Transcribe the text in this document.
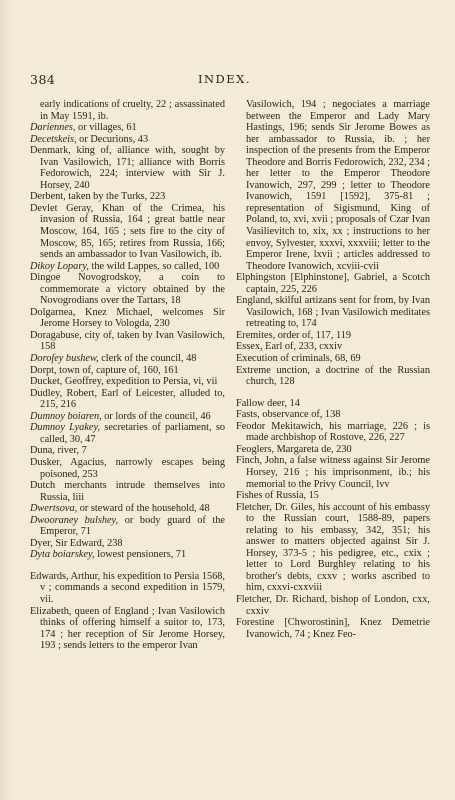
384	INDEX.
early indications of cruelty, 22 ; assassinated in May 1591, ib.
Dariennes, or villages, 61
Decetskeis, or Decurions, 43
Denmark, king of, alliance with, sought by Ivan Vasilowich, 171; alliance with Borris Fedorowich, 224; interview with Sir J. Horsey, 240
Derbent, taken by the Turks, 223
Devlet Geray, Khan of the Crimea, his invasion of Russia, 164 ; great battle near Moscow, 164, 165 ; sets fire to the city of Moscow, 85, 165; retires from Russia, 166; sends an ambassador to Ivan Vasilowich, ib.
Dikoy Lopary, the wild Lappes, so called, 100
Dingoe Novogrodskoy, a coin to commemorate a victory obtained by the Novogrodians over the Tartars, 18
Dolgarnea, Knez Michael, welcomes Sir Jerome Horsey to Vologda, 230
Doragabuse, city of, taken by Ivan Vasilowich, 158
Dorofey bushew, clerk of the council, 48
Dorpt, town of, capture of, 160, 161
Ducket, Geoffrey, expedition to Persia, vi, vii
Dudley, Robert, Earl of Leicester, alluded to, 215, 216
Dumnoy boiaren, or lords of the council, 46
Dumnoy Lyakey, secretaries of parliament, so called, 30, 47
Duna, river, 7
Dusker, Agacius, narrowly escapes being poisoned, 253
Dutch merchants intrude themselves into Russia, liii
Dwertsova, or steward of the household, 48
Dwooraney bulshey, or body guard of the Emperor, 71
Dyer, Sir Edward, 238
Dyta boiarskey, lowest pensioners, 71
Edwards, Arthur, his expedition to Persia 1568, v ; commands a second expedition in 1579, vii.
Elizabeth, queen of England ; Ivan Vasilowich thinks of offering himself a suitor to, 173, 174 ; her reception of Sir Jerome Horsey, 193 ; sends letters to the emperor Ivan
Vasilowich, 194 ; negociates a marriage between the Emperor and Lady Mary Hastings, 196; sends Sir Jerome Bowes as her ambassador to Russia, ib. ; her inspection of the presents from the Emperor Theodore and Borris Fedorowich, 232, 234 ; her letter to the Emperor Theodore Ivanowich, 297, 299 ; letter to Theodore Ivanowich, 1591 [1592], 375-81 ; representation of Sigismund, King of Poland, to, xvi, xvii ; proposals of Czar Ivan Vasilievitch to, xix, xx ; instructions to her envoy, Sylvester, xxxvi, xxxviii; letter to the Emperor Irene, lxvii ; articles addressed to Theodore Ivanowich, xcviii-cvii
Elphingston [Elphinstone], Gabriel, a Scotch captain, 225, 226
England, skilful artizans sent for from, by Ivan Vasilowich, 168 ; Ivan Vasilowich meditates retreating to, 174
Eremites, order of, 117, 119
Essex, Earl of, 233, cxxiv
Execution of criminals, 68, 69
Extreme unction, a doctrine of the Russian church, 128
Fallow deer, 14
Fasts, observance of, 138
Feodor Mekitawich, his marriage, 226 ; is made archbishop of Rostove, 226, 227
Feoglers, Margareta de, 230
Finch, John, a false witness against Sir Jerome Horsey, 216 ; his imprisonment, ib.; his memorial to the Privy Council, lvv
Fishes of Russia, 15
Fletcher, Dr. Giles, his account of his embassy to the Russian court, 1588-89, papers relating to his embassy, 342, 351; his answer to matters objected against Sir J. Horsey, 373-5 ; his pedigree, etc., cxix ; letter to Lord Burghley relating to his brother's debts, cxxv ; works ascribed to him, cxxvi-cxxviii
Fletcher, Dr. Richard, bishop of London, cxx, cxxiv
Forestine [Chworostinin], Knez Demetrie Ivanowich, 74 ; Knez Feo-
